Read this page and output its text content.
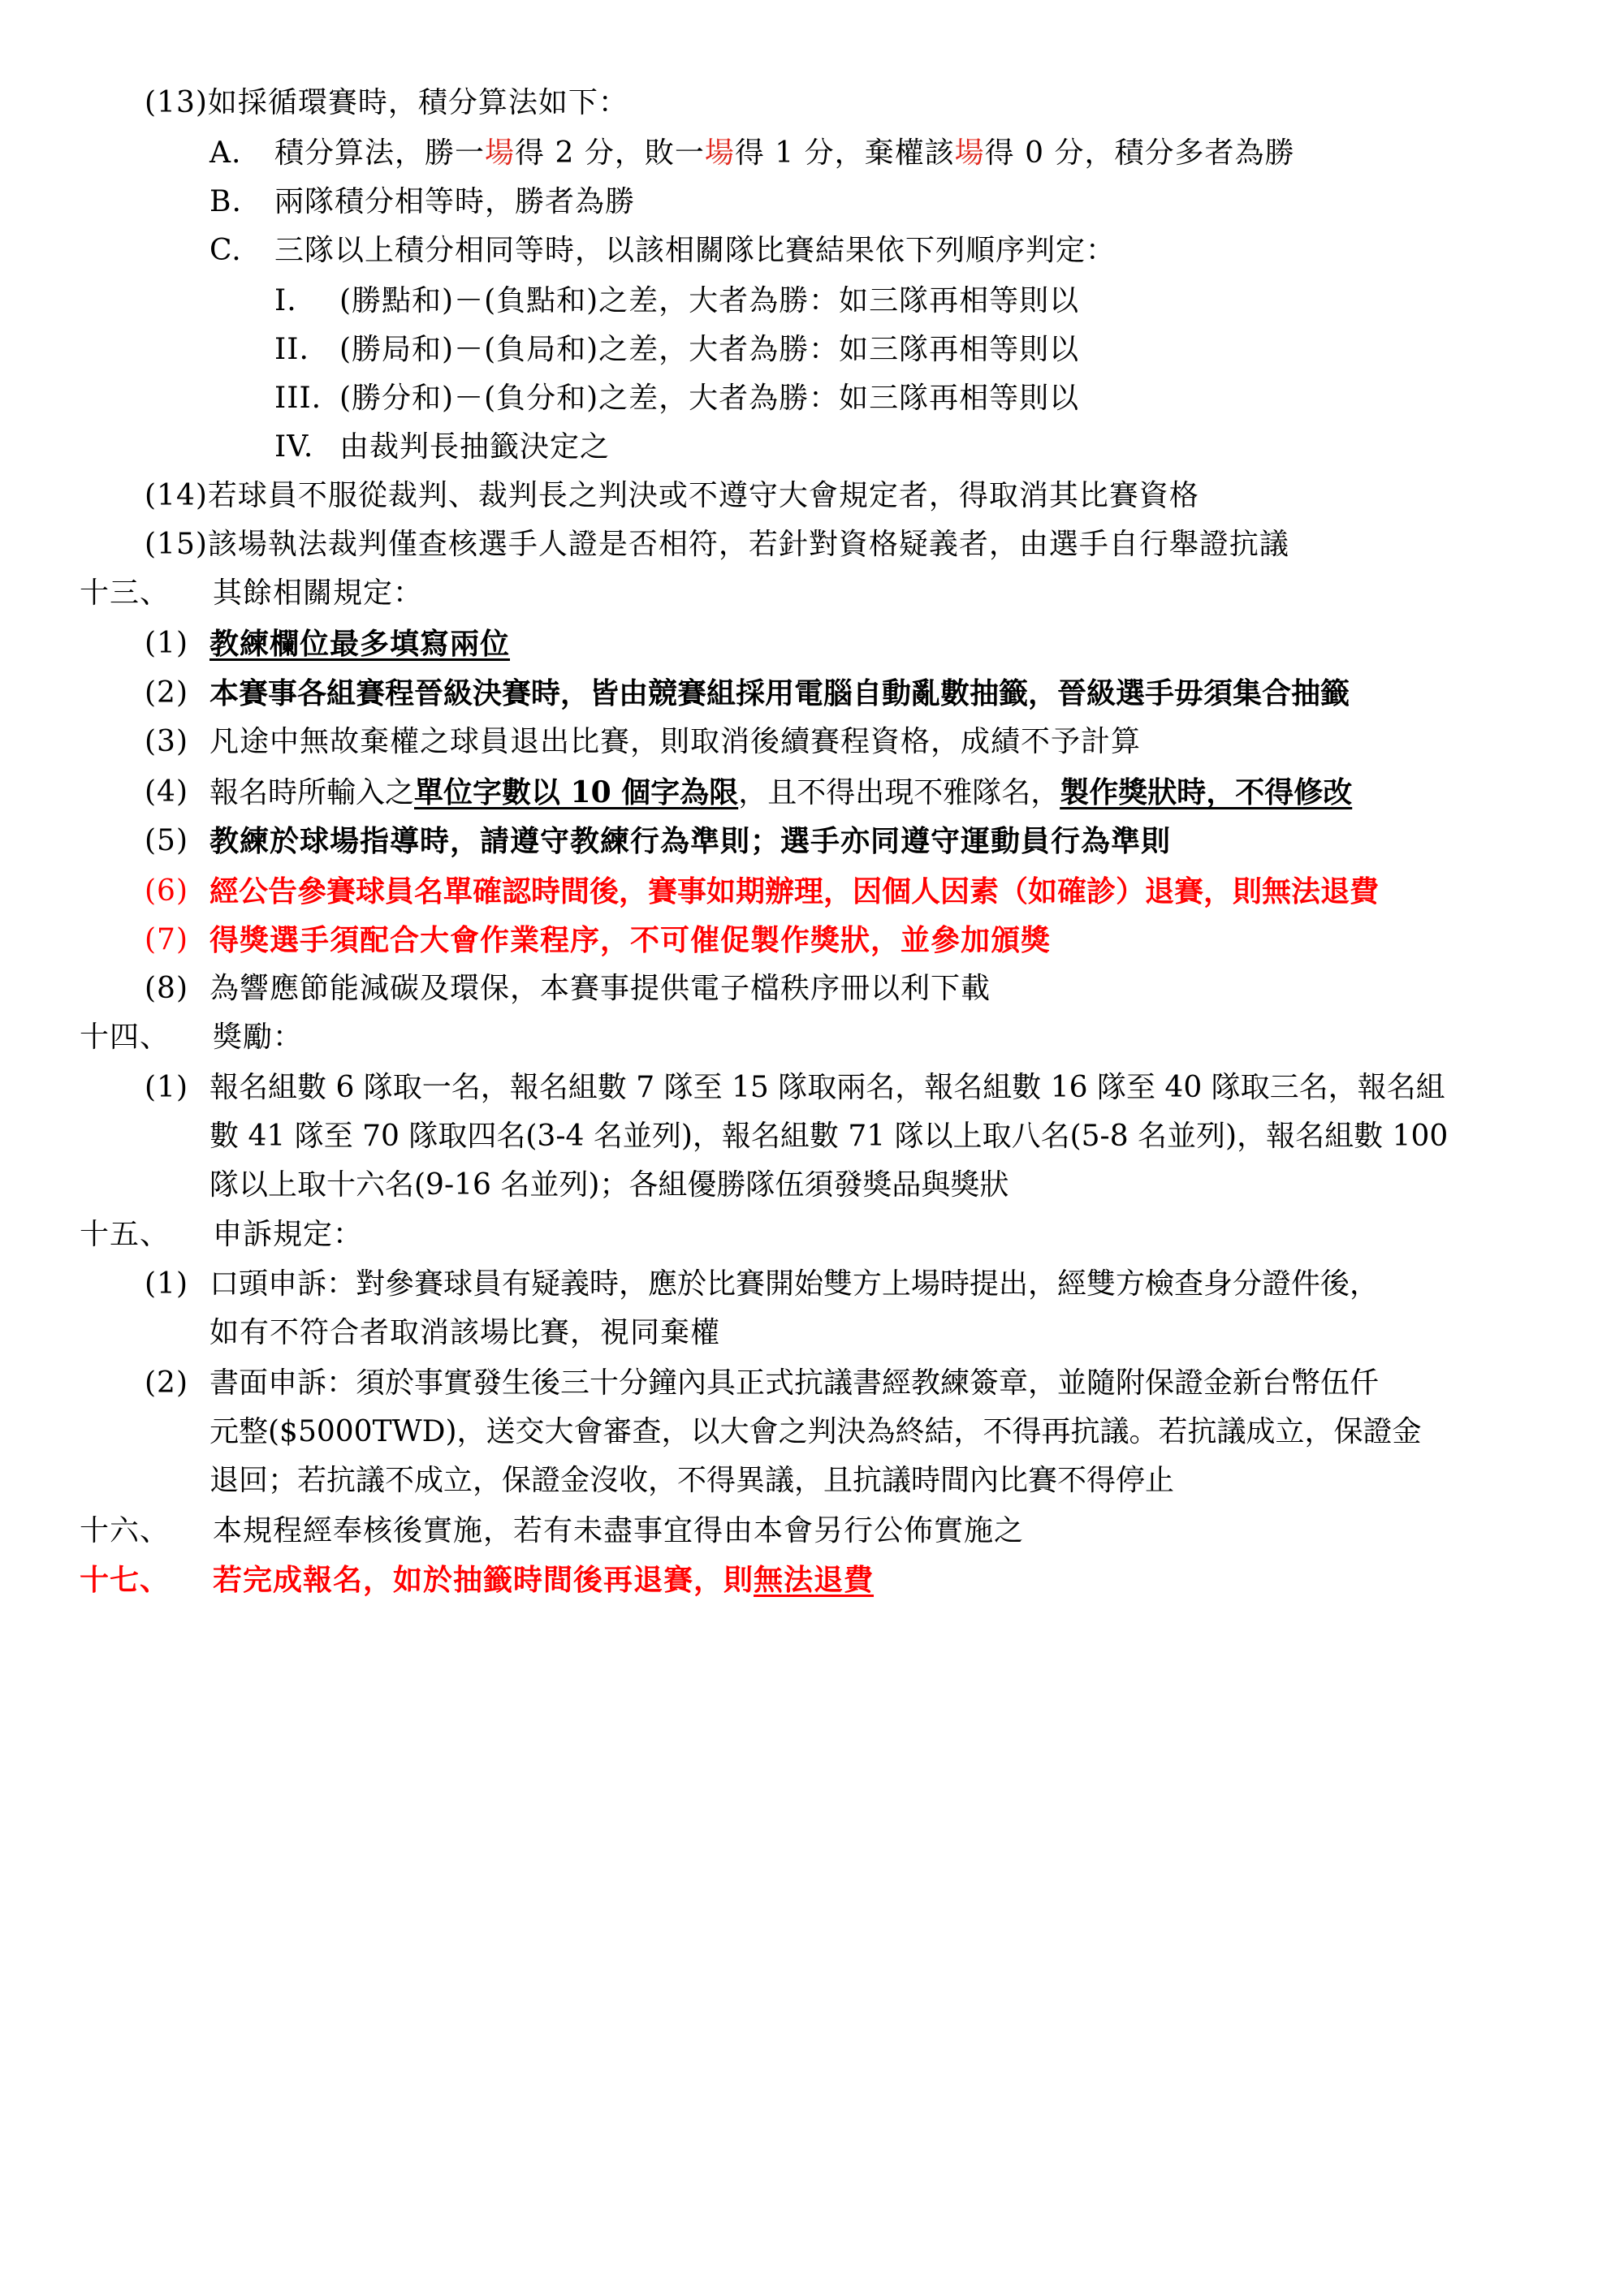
(13)如採循環賽時，積分算法如下：
A. 積分算法，勝一場得 2 分，敗一場得 1 分，棄權該場得 0 分，積分多者為勝
B. 兩隊積分相等時，勝者為勝
C. 三隊以上積分相同等時，以該相關隊比賽結果依下列順序判定：
I. (勝點和)－(負點和)之差，大者為勝：如三隊再相等則以
II. (勝局和)－(負局和)之差，大者為勝：如三隊再相等則以
III. (勝分和)－(負分和)之差，大者為勝：如三隊再相等則以
IV. 由裁判長抽籤決定之
(14)若球員不服從裁判、裁判長之判決或不遵守大會規定者，得取消其比賽資格
(15)該場執法裁判僅查核選手人證是否相符，若針對資格疑義者，由選手自行舉證抗議
十三、 其餘相關規定：
(1) 教練欄位最多填寫兩位
(2) 本賽事各組賽程晉級決賽時，皆由競賽組採用電腦自動亂數抽籤，晉級選手毋須集合抽籤
(3) 凡途中無故棄權之球員退出比賽，則取消後續賽程資格，成績不予計算
(4) 報名時所輸入之單位字數以 10 個字為限，且不得出現不雅隊名，製作獎狀時，不得修改
(5) 教練於球場指導時，請遵守教練行為準則；選手亦同遵守運動員行為準則
(6) 經公告參賽球員名單確認時間後，賽事如期辦理，因個人因素（如確診）退賽，則無法退費
(7) 得獎選手須配合大會作業程序，不可催促製作獎狀，並參加頒獎
(8) 為響應節能減碳及環保，本賽事提供電子檔秩序冊以利下載
十四、 獎勵：
(1) 報名組數 6 隊取一名，報名組數 7 隊至 15 隊取兩名，報名組數 16 隊至 40 隊取三名，報名組
數 41 隊至 70 隊取四名(3-4 名並列)，報名組數 71 隊以上取八名(5-8 名並列)，報名組數 100
隊以上取十六名(9-16 名並列)；各組優勝隊伍須發獎品與獎狀
十五、 申訴規定：
(1) 口頭申訴：對參賽球員有疑義時，應於比賽開始雙方上場時提出，經雙方檢查身分證件後，
如有不符合者取消該場比賽，視同棄權
(2) 書面申訴：須於事實發生後三十分鐘內具正式抗議書經教練簽章，並隨附保證金新台幣伍仟
元整($5000TWD)，送交大會審查，以大會之判決為終結，不得再抗議。若抗議成立，保證金
退回；若抗議不成立，保證金沒收，不得異議，且抗議時間內比賽不得停止
十六、 本規程經奉核後實施，若有未盡事宜得由本會另行公佈實施之
十七、 若完成報名，如於抽籤時間後再退賽，則無法退費
